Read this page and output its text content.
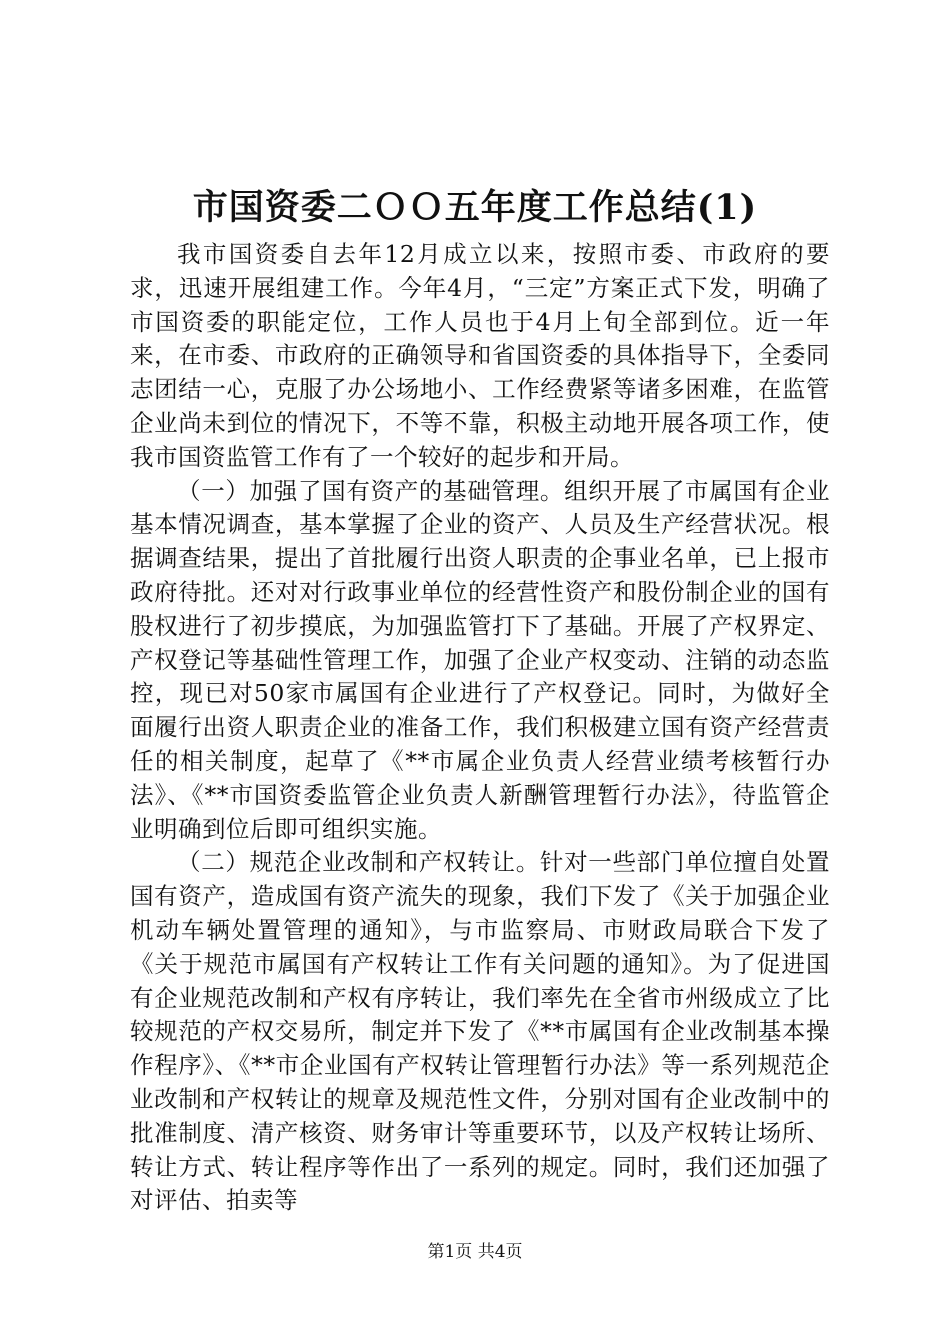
市国资委二ＯＯ五年度工作总结(1)

我市国资委自去年12月成立以来，按照市委、市政府的要求，迅速开展组建工作。今年4月，“三定”方案正式下发，明确了市国资委的职能定位，工作人员也于4月上旬全部到位。近一年来，在市委、市政府的正确领导和省国资委的具体指导下，全委同志团结一心，克服了办公场地小、工作经费紧等诸多困难，在监管企业尚未到位的情况下，不等不靠，积极主动地开展各项工作，使我市国资监管工作有了一个较好的起步和开局。

（一）加强了国有资产的基础管理。组织开展了市属国有企业基本情况调查，基本掌握了企业的资产、人员及生产经营状况。根据调查结果，提出了首批履行出资人职责的企事业名单，已上报市政府待批。还对对行政事业单位的经营性资产和股份制企业的国有股权进行了初步摸底，为加强监管打下了基础。开展了产权界定、产权登记等基础性管理工作，加强了企业产权变动、注销的动态监控，现已对50家市属国有企业进行了产权登记。同时，为做好全面履行出资人职责企业的准备工作，我们积极建立国有资产经营责任的相关制度，起草了《**市属企业负责人经营业绩考核暂行办法》、《**市国资委监管企业负责人新酬管理暂行办法》，待监管企业明确到位后即可组织实施。

（二）规范企业改制和产权转让。针对一些部门单位擅自处置国有资产，造成国有资产流失的现象，我们下发了《关于加强企业机动车辆处置管理的通知》，与市监察局、市财政局联合下发了《关于规范市属国有产权转让工作有关问题的通知》。为了促进国有企业规范改制和产权有序转让，我们率先在全省市州级成立了比较规范的产权交易所，制定并下发了《**市属国有企业改制基本操作程序》、《**市企业国有产权转让管理暂行办法》等一系列规范企业改制和产权转让的规章及规范性文件，分别对国有企业改制中的批准制度、清产核资、财务审计等重要环节，以及产权转让场所、转让方式、转让程序等作出了一系列的规定。同时，我们还加强了对评估、拍卖等

第1页 共4页
